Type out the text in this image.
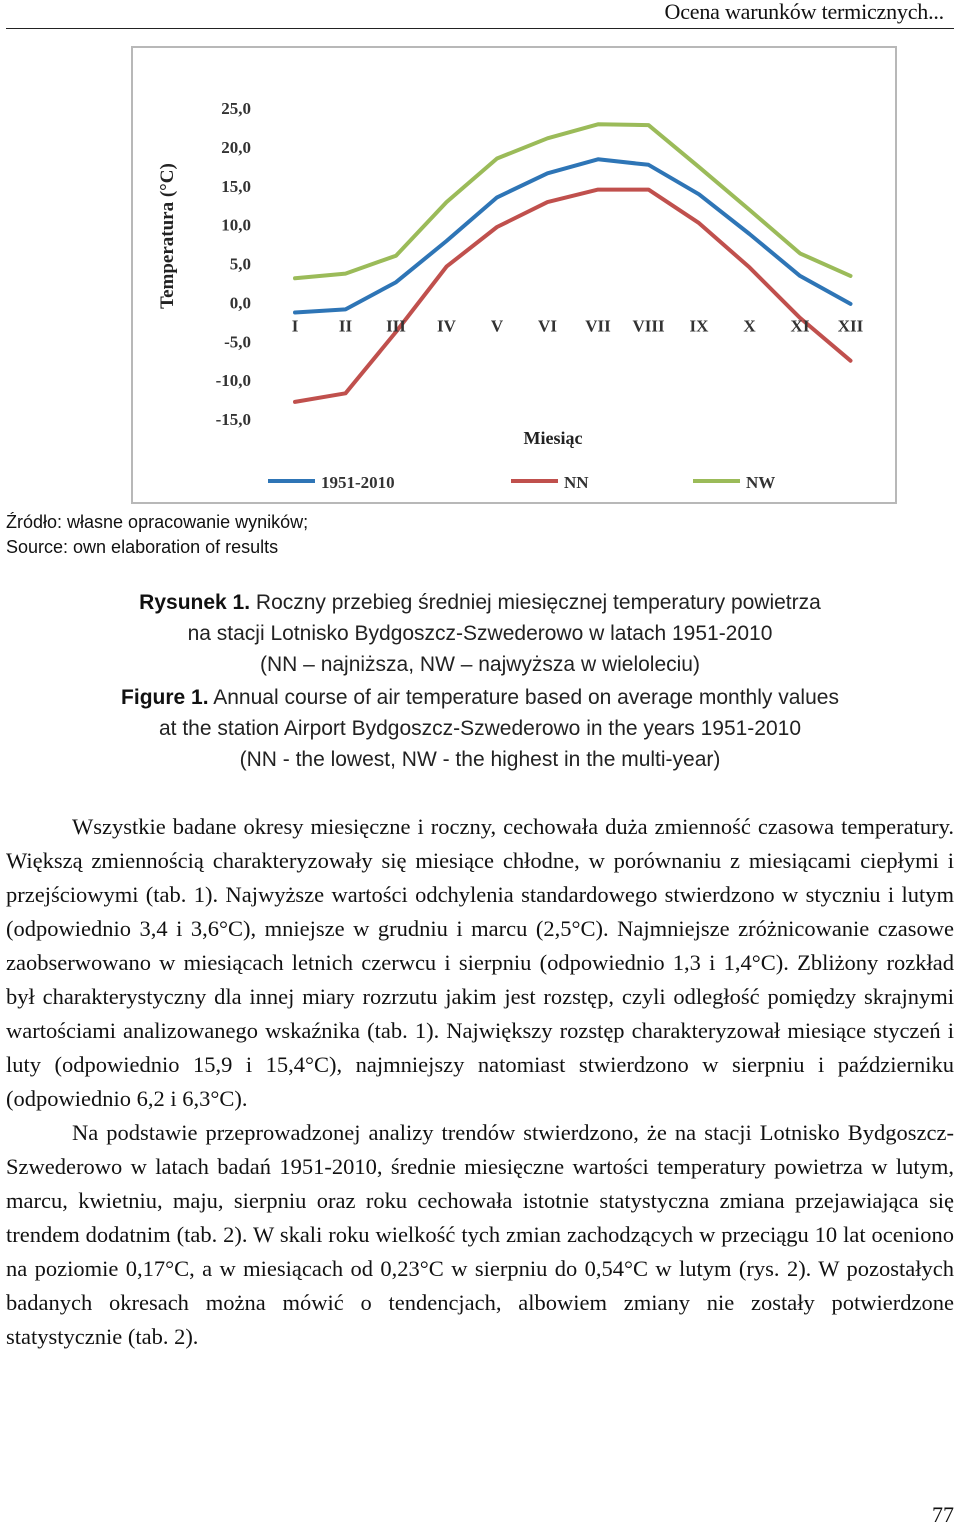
Ocena warunków termicznych...
25,0
20,0
15,0
10,0
5,0
0,0
-5,0
-10,0
-15,0
Temperatura (°C)
I II III IV V VI VII VIII IX X XI XII
Miesiąc
1951-2010	NN	NW
Źródło: własne opracowanie wyników;
Source: own elaboration of results
Rysunek 1. Roczny przebieg średniej miesięcznej temperatury powietrza
na stacji Lotnisko Bydgoszcz-Szwederowo w latach 1951-2010
(NN – najniższa, NW – najwyższa w wieloleciu)
Figure 1. Annual course of air temperature based on average monthly values
at the station Airport Bydgoszcz-Szwederowo in the years 1951-2010
(NN - the lowest, NW - the highest in the multi-year)

Wszystkie badane okresy miesięczne i roczny, cechowała duża zmienność czasowa temperatury. Większą zmiennością charakteryzowały się miesiące chłodne, w porównaniu z miesiącami ciepłymi i przejściowymi (tab. 1). Najwyższe wartości odchylenia standardowego stwierdzono w styczniu i lutym (odpowiednio 3,4 i 3,6°C), mniejsze w grudniu i marcu (2,5°C). Najmniejsze zróżnicowanie czasowe zaobserwowano w miesiącach letnich czerwcu i sierpniu (odpowiednio 1,3 i 1,4°C). Zbliżony rozkład był charakterystyczny dla innej miary rozrzutu jakim jest rozstęp, czyli odległość pomiędzy skrajnymi wartościami analizowanego wskaźnika (tab. 1). Największy rozstęp charakteryzował miesiące styczeń i luty (odpowiednio 15,9 i 15,4°C), najmniejszy natomiast stwierdzono w sierpniu i październiku (odpowiednio 6,2 i 6,3°C).

Na podstawie przeprowadzonej analizy trendów stwierdzono, że na stacji Lotnisko Bydgoszcz-Szwederowo w latach badań 1951-2010, średnie miesięczne wartości temperatury powietrza w lutym, marcu, kwietniu, maju, sierpniu oraz roku cechowała istotnie statystyczna zmiana przejawiająca się trendem dodatnim (tab. 2). W skali roku wielkość tych zmian zachodzących w przeciągu 10 lat oceniono na poziomie 0,17°C, a w miesiącach od 0,23°C w sierpniu do 0,54°C w lutym (rys. 2). W pozostałych badanych okresach można mówić o tendencjach, albowiem zmiany nie zostały potwierdzone statystycznie (tab. 2).

77
